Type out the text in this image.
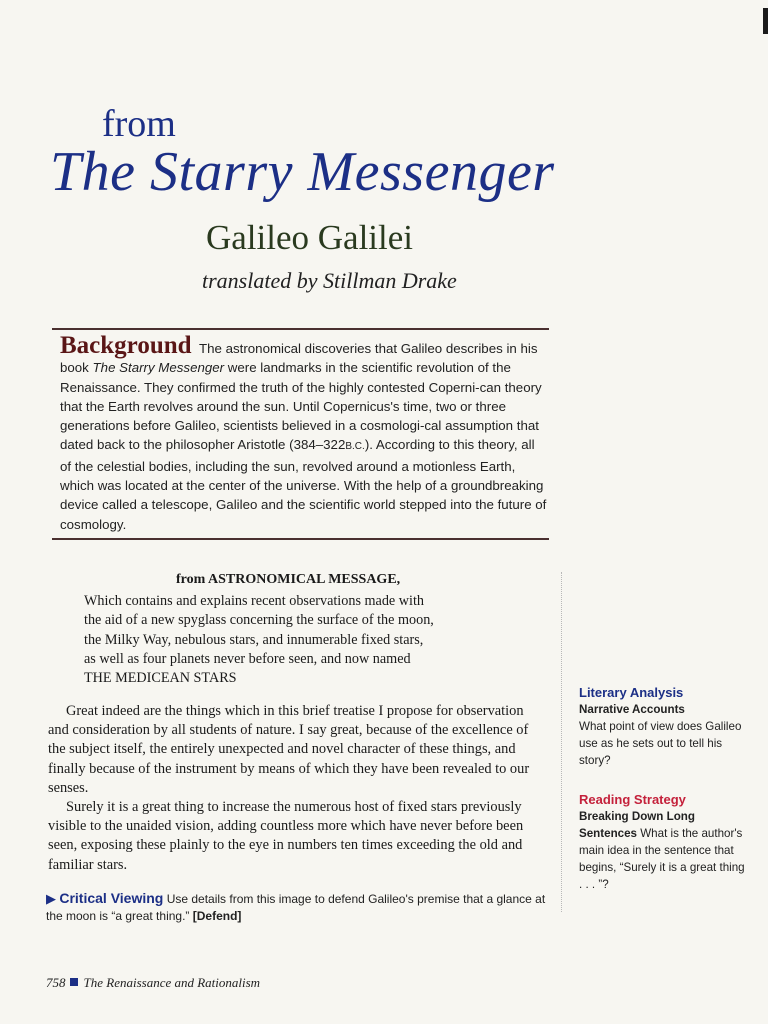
from
The Starry Messenger
Galileo Galilei
translated by Stillman Drake
Background The astronomical discoveries that Galileo describes in his book The Starry Messenger were landmarks in the scientific revolution of the Renaissance. They confirmed the truth of the highly contested Coperni-can theory that the Earth revolves around the sun. Until Copernicus's time, two or three generations before Galileo, scientists believed in a cosmologi-cal assumption that dated back to the philosopher Aristotle (384–322B.C.). According to this theory, all of the celestial bodies, including the sun, revolved around a motionless Earth, which was located at the center of the universe. With the help of a groundbreaking device called a telescope, Galileo and the scientific world stepped into the future of cosmology.
from ASTRONOMICAL MESSAGE,

Which contains and explains recent observations made with

the aid of a new spyglass concerning the surface of the moon,

the Milky Way, nebulous stars, and innumerable fixed stars,

as well as four planets never before seen, and now named

THE MEDICEAN STARS

Great indeed are the things which in this brief treatise I propose for observation and consideration by all students of nature. I say great, because of the excellence of the subject itself, the entirely unexpected and novel character of these things, and finally because of the instrument by means of which they have been revealed to our senses.

Surely it is a great thing to increase the numerous host of fixed stars previously visible to the unaided vision, adding countless more which have never before been seen, exposing these plainly to the eye in numbers ten times exceeding the old and familiar stars.

▶ Critical Viewing Use details from this image to defend Galileo's premise that a glance at the moon is “a great thing.” [Defend]
Literary Analysis
Narrative Accounts
What point of view does Galileo use as he sets out to tell his story?
Reading Strategy
Breaking Down Long Sentences What is the author's main idea in the sentence that begins, “Surely it is a great thing . . . ”?
758 The Renaissance and Rationalism
